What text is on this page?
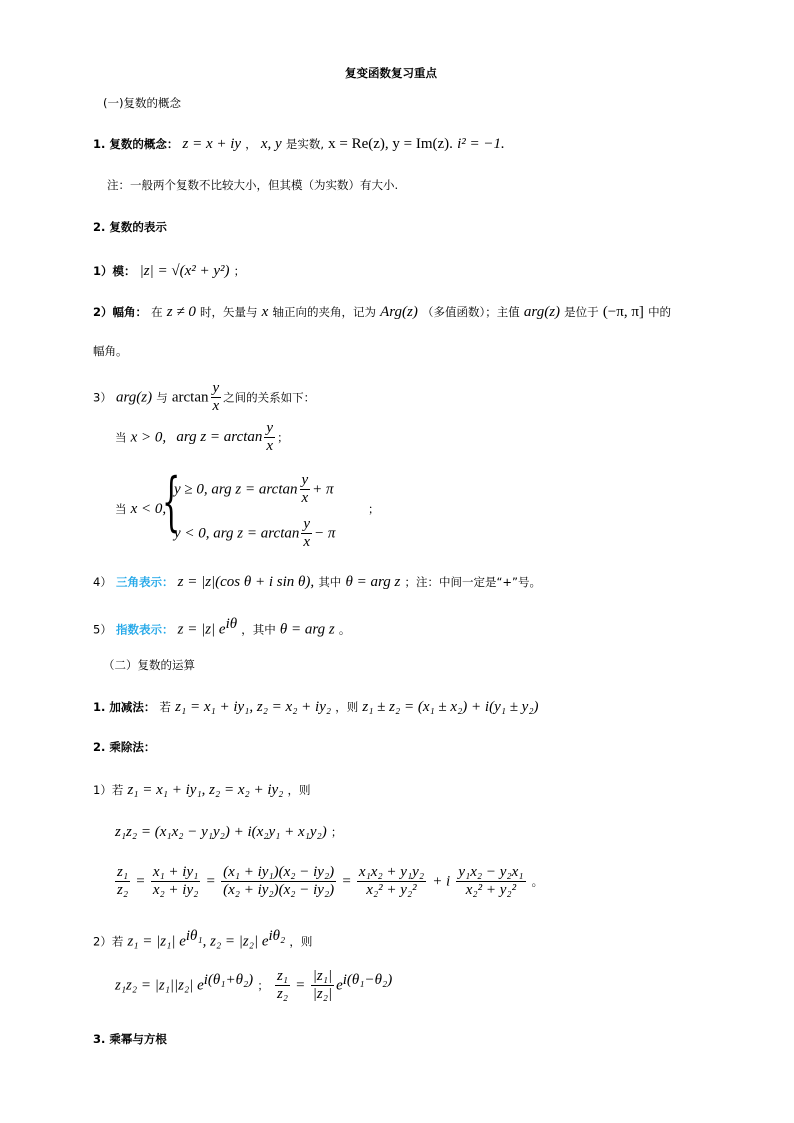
复变函数复习重点
(一)复数的概念
1. 复数的概念： z = x + iy ， x, y 是实数, x = Re(z), y = Im(z). i² = −1.
注：一般两个复数不比较大小，但其模（为实数）有大小.
2. 复数的表示
1）模： |z| = √(x² + y²) ；
2）幅角： 在 z ≠ 0 时，矢量与 x 轴正向的夹角，记为 Arg(z) （多值函数）；主值 arg(z) 是位于 (−π, π] 中的
幅角。
3） arg(z) 与 $\arctan \frac{y}{x}$ 之间的关系如下：
当 x > 0, arg $z = \arctan \frac{y}{x}$ ；
当 x < 0,
{
y ≥ 0, arg $z = \arctan \frac{y}{x} + \pi$
y < 0, arg $z = \arctan \frac{y}{x} - \pi$
；
4） 三角表示： z = |z|(cos θ + i sin θ), 其中 θ = arg z ；注：中间一定是“+”号。
5） 指数表示： z = |z| $e^{i\theta}$ ，其中 θ = arg z 。
（二）复数的运算
1. 加减法： 若 z₁ = x₁ + iy₁, z₂ = x₂ + iy₂ ，则 z₁ ± z₂ = (x₁ ± x₂) + i(y₁ ± y₂)
2. 乘除法：
1）若 z₁ = x₁ + iy₁, z₂ = x₂ + iy₂ ，则
z₁z₂ = (x₁x₂ − y₁y₂) + i(x₂y₁ + x₁y₂) ；
$\frac{\text{z₁}}{\text{z₂}} = \frac{\text{x₁ + iy₁}}{\text{x₂ + iy₂}} = \frac{\text{(x₁ + iy₁)(x₂ − iy₂)}}{\text{(x₂ + iy₂)(x₂ − iy₂)}} = \frac{\text{x₁x₂ + y₁y₂}}{\text{x₂² + y₂²}} + i \frac{\text{y₁x₂ − y₂x₁}}{\text{x₂² + y₂²}}$ 。
2）若 z₁ = |z₁| $e^{i\theta_1}$, z₂ = |z₂| $e^{i\theta_2}$ ，则
z₁z₂ = |z₁||z₂| $e^{i(\theta_1+\theta_2)}$ ； $\frac{\text{z₁}}{\text{z₂}} = \frac{\text{|z₁|}}{\text{|z₂|}} e^{i(\theta_1-\theta_2)}$
3. 乘幂与方根
